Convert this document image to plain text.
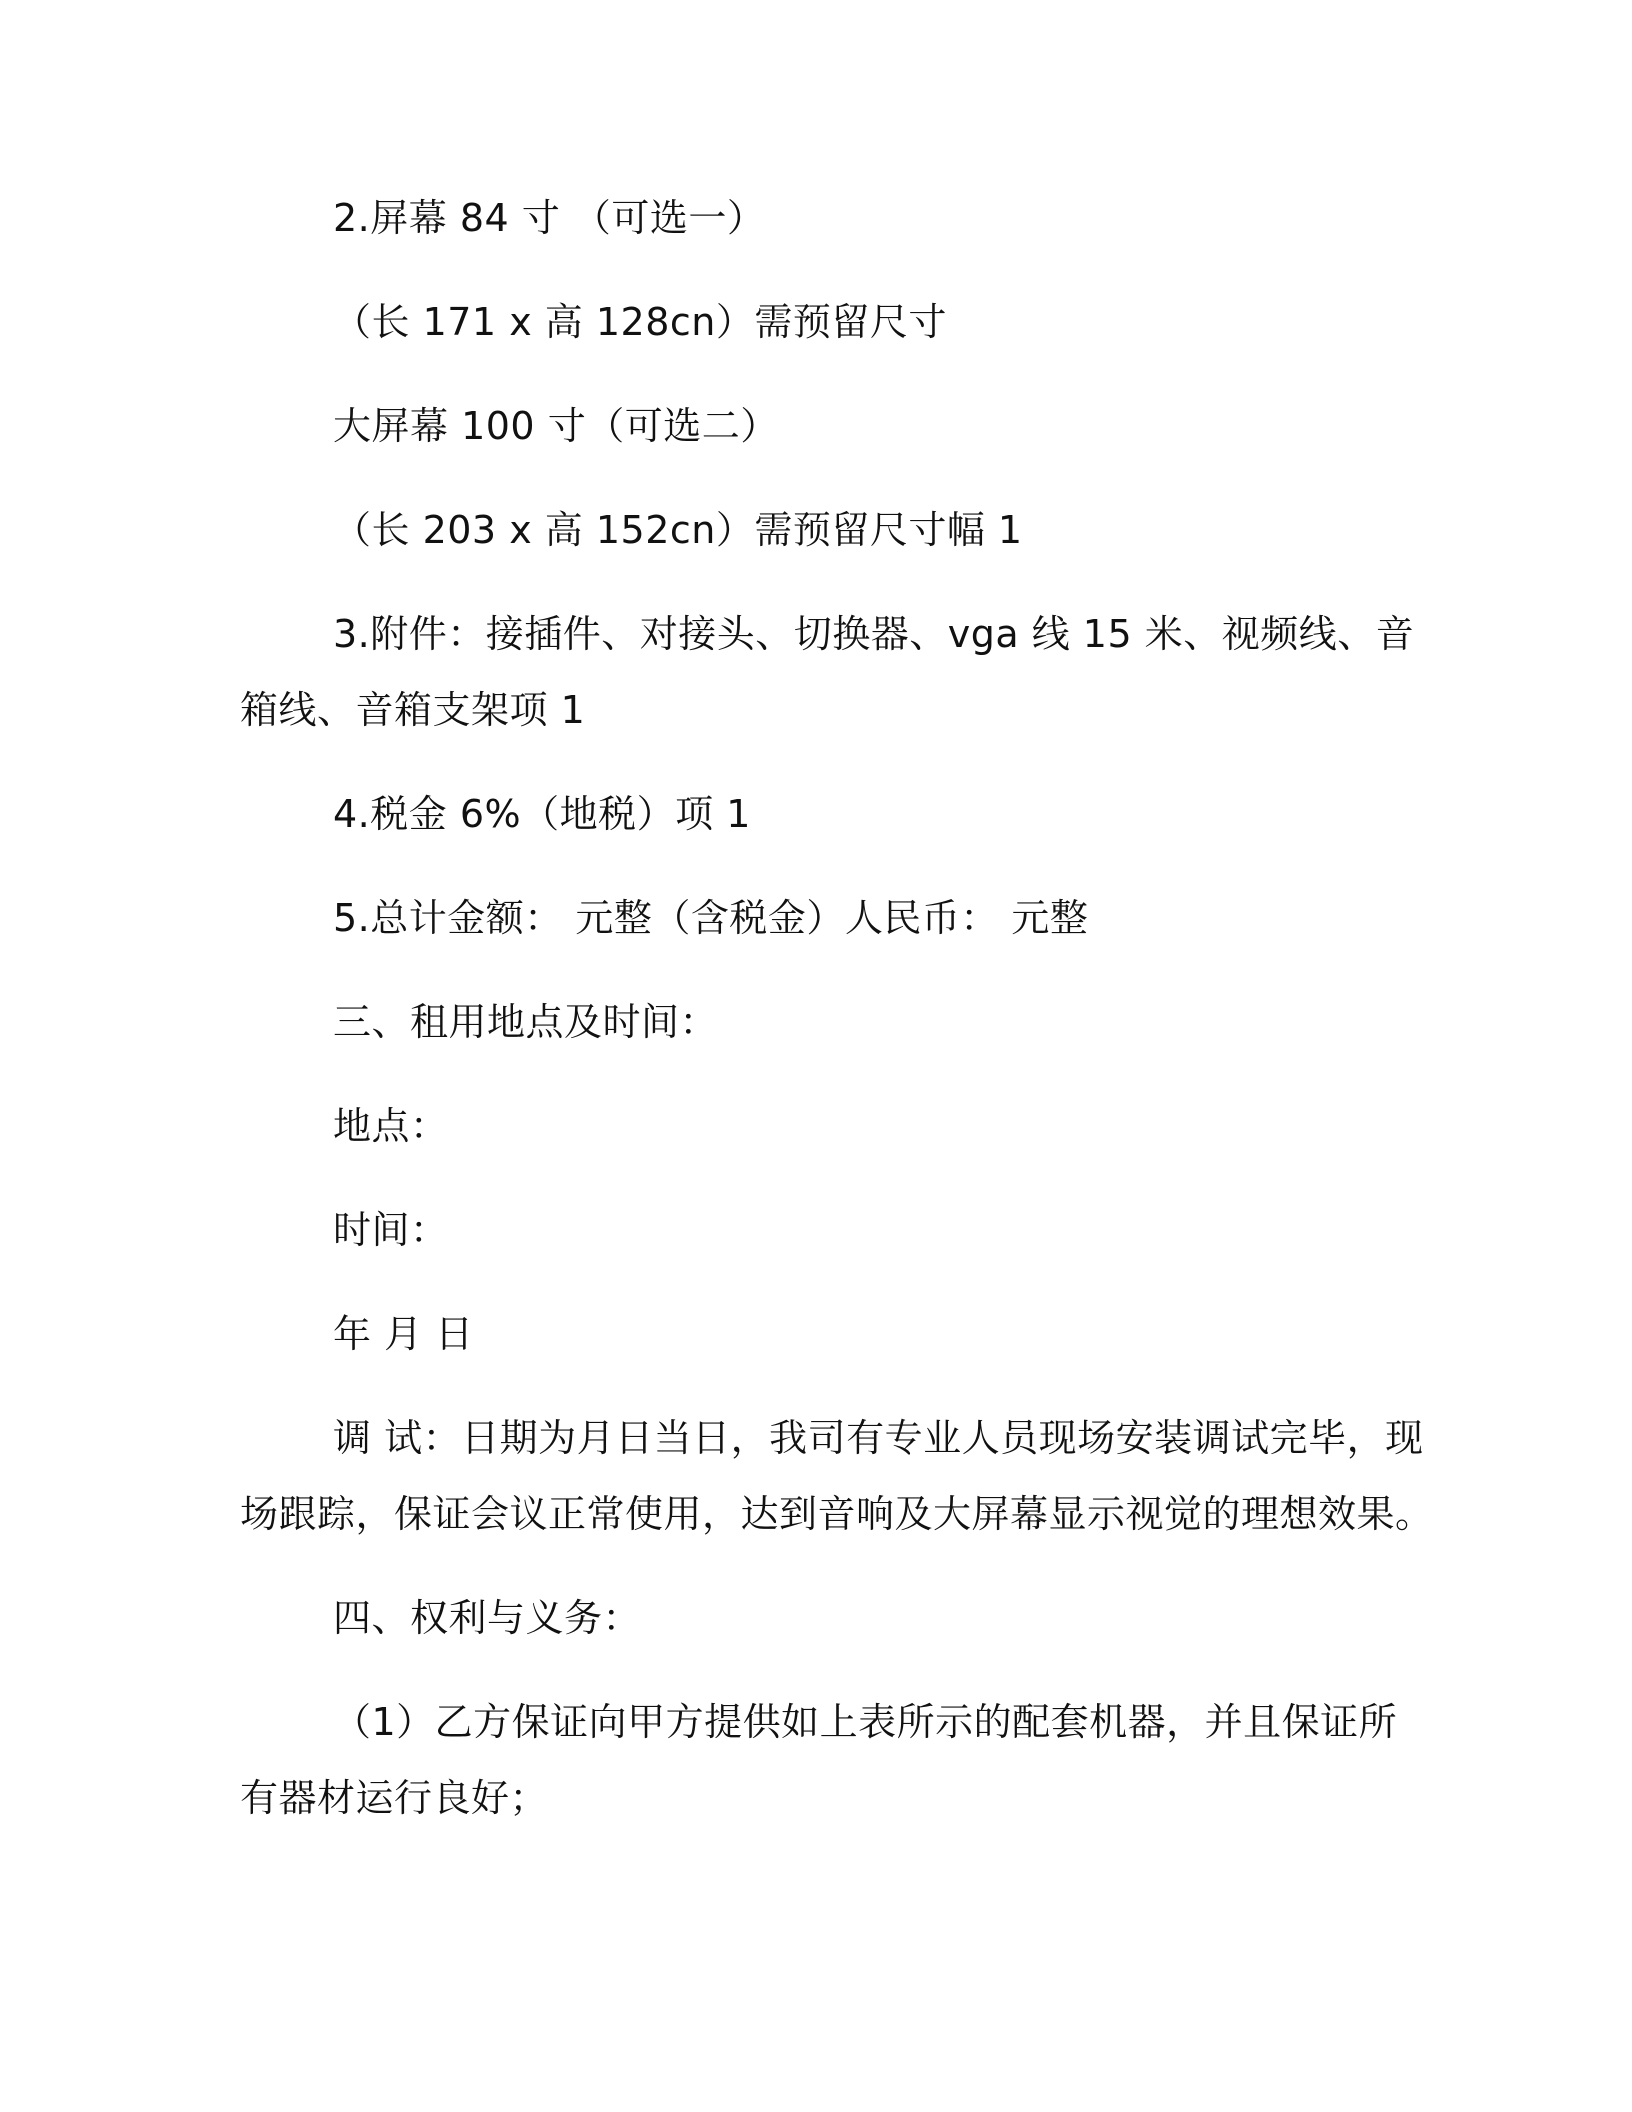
2.屏幕 84 寸 （可选一）
（长 171 x 高 128cn）需预留尺寸
大屏幕 100 寸（可选二）
（长 203 x 高 152cn）需预留尺寸幅 1
3.附件：接插件、对接头、切换器、vga 线 15 米、视频线、音
箱线、音箱支架项 1
4.税金 6%（地税）项 1
5.总计金额： 元整（含税金）人民币： 元整
三、租用地点及时间：
地点：
时间：
年 月 日
调 试：日期为月日当日，我司有专业人员现场安装调试完毕，现
场跟踪，保证会议正常使用，达到音响及大屏幕显示视觉的理想效果。
四、权利与义务：
（1）乙方保证向甲方提供如上表所示的配套机器，并且保证所
有器材运行良好；
